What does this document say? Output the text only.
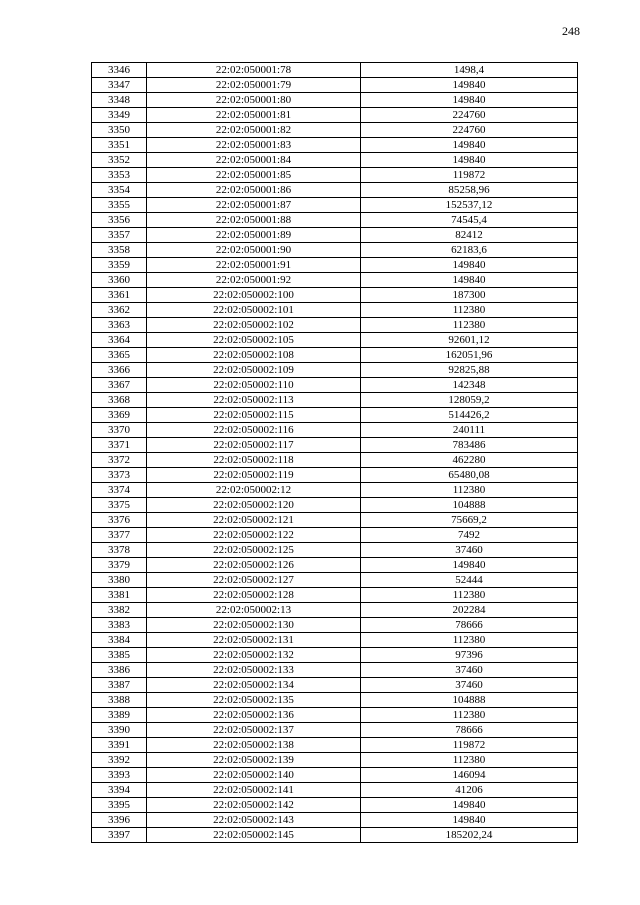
248
3346	22:02:050001:78	1498,4
3347	22:02:050001:79	149840
3348	22:02:050001:80	149840
3349	22:02:050001:81	224760
3350	22:02:050001:82	224760
3351	22:02:050001:83	149840
3352	22:02:050001:84	149840
3353	22:02:050001:85	119872
3354	22:02:050001:86	85258,96
3355	22:02:050001:87	152537,12
3356	22:02:050001:88	74545,4
3357	22:02:050001:89	82412
3358	22:02:050001:90	62183,6
3359	22:02:050001:91	149840
3360	22:02:050001:92	149840
3361	22:02:050002:100	187300
3362	22:02:050002:101	112380
3363	22:02:050002:102	112380
3364	22:02:050002:105	92601,12
3365	22:02:050002:108	162051,96
3366	22:02:050002:109	92825,88
3367	22:02:050002:110	142348
3368	22:02:050002:113	128059,2
3369	22:02:050002:115	514426,2
3370	22:02:050002:116	240111
3371	22:02:050002:117	783486
3372	22:02:050002:118	462280
3373	22:02:050002:119	65480,08
3374	22:02:050002:12	112380
3375	22:02:050002:120	104888
3376	22:02:050002:121	75669,2
3377	22:02:050002:122	7492
3378	22:02:050002:125	37460
3379	22:02:050002:126	149840
3380	22:02:050002:127	52444
3381	22:02:050002:128	112380
3382	22:02:050002:13	202284
3383	22:02:050002:130	78666
3384	22:02:050002:131	112380
3385	22:02:050002:132	97396
3386	22:02:050002:133	37460
3387	22:02:050002:134	37460
3388	22:02:050002:135	104888
3389	22:02:050002:136	112380
3390	22:02:050002:137	78666
3391	22:02:050002:138	119872
3392	22:02:050002:139	112380
3393	22:02:050002:140	146094
3394	22:02:050002:141	41206
3395	22:02:050002:142	149840
3396	22:02:050002:143	149840
3397	22:02:050002:145	185202,24
